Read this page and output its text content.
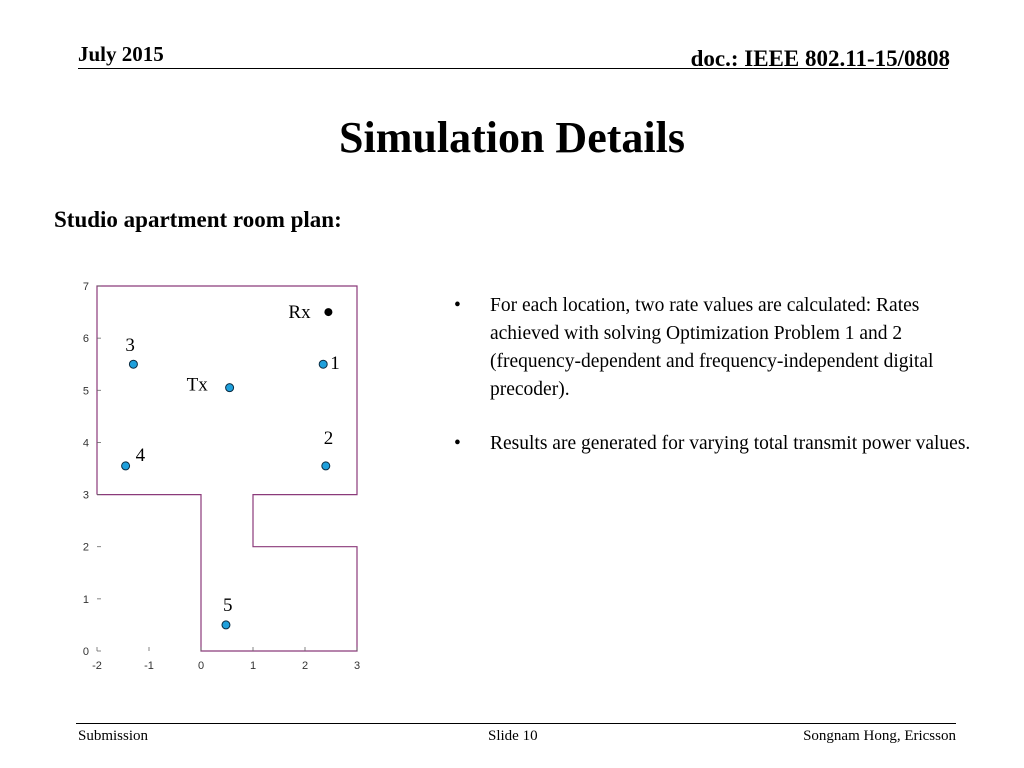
July 2015	doc.: IEEE 802.11-15/0808
Simulation Details
Studio apartment room plan:
-2	-1	0	1	2	3
0
1
2
3
4
5
6
7
Rx
1
3
Tx
2
4
5
• For each location, two rate values are calculated: Rates achieved with solving Optimization Problem 1 and 2 (frequency-dependent and frequency-independent digital precoder).
• Results are generated for varying total transmit power values.
Submission	Slide 10	Songnam Hong, Ericsson
